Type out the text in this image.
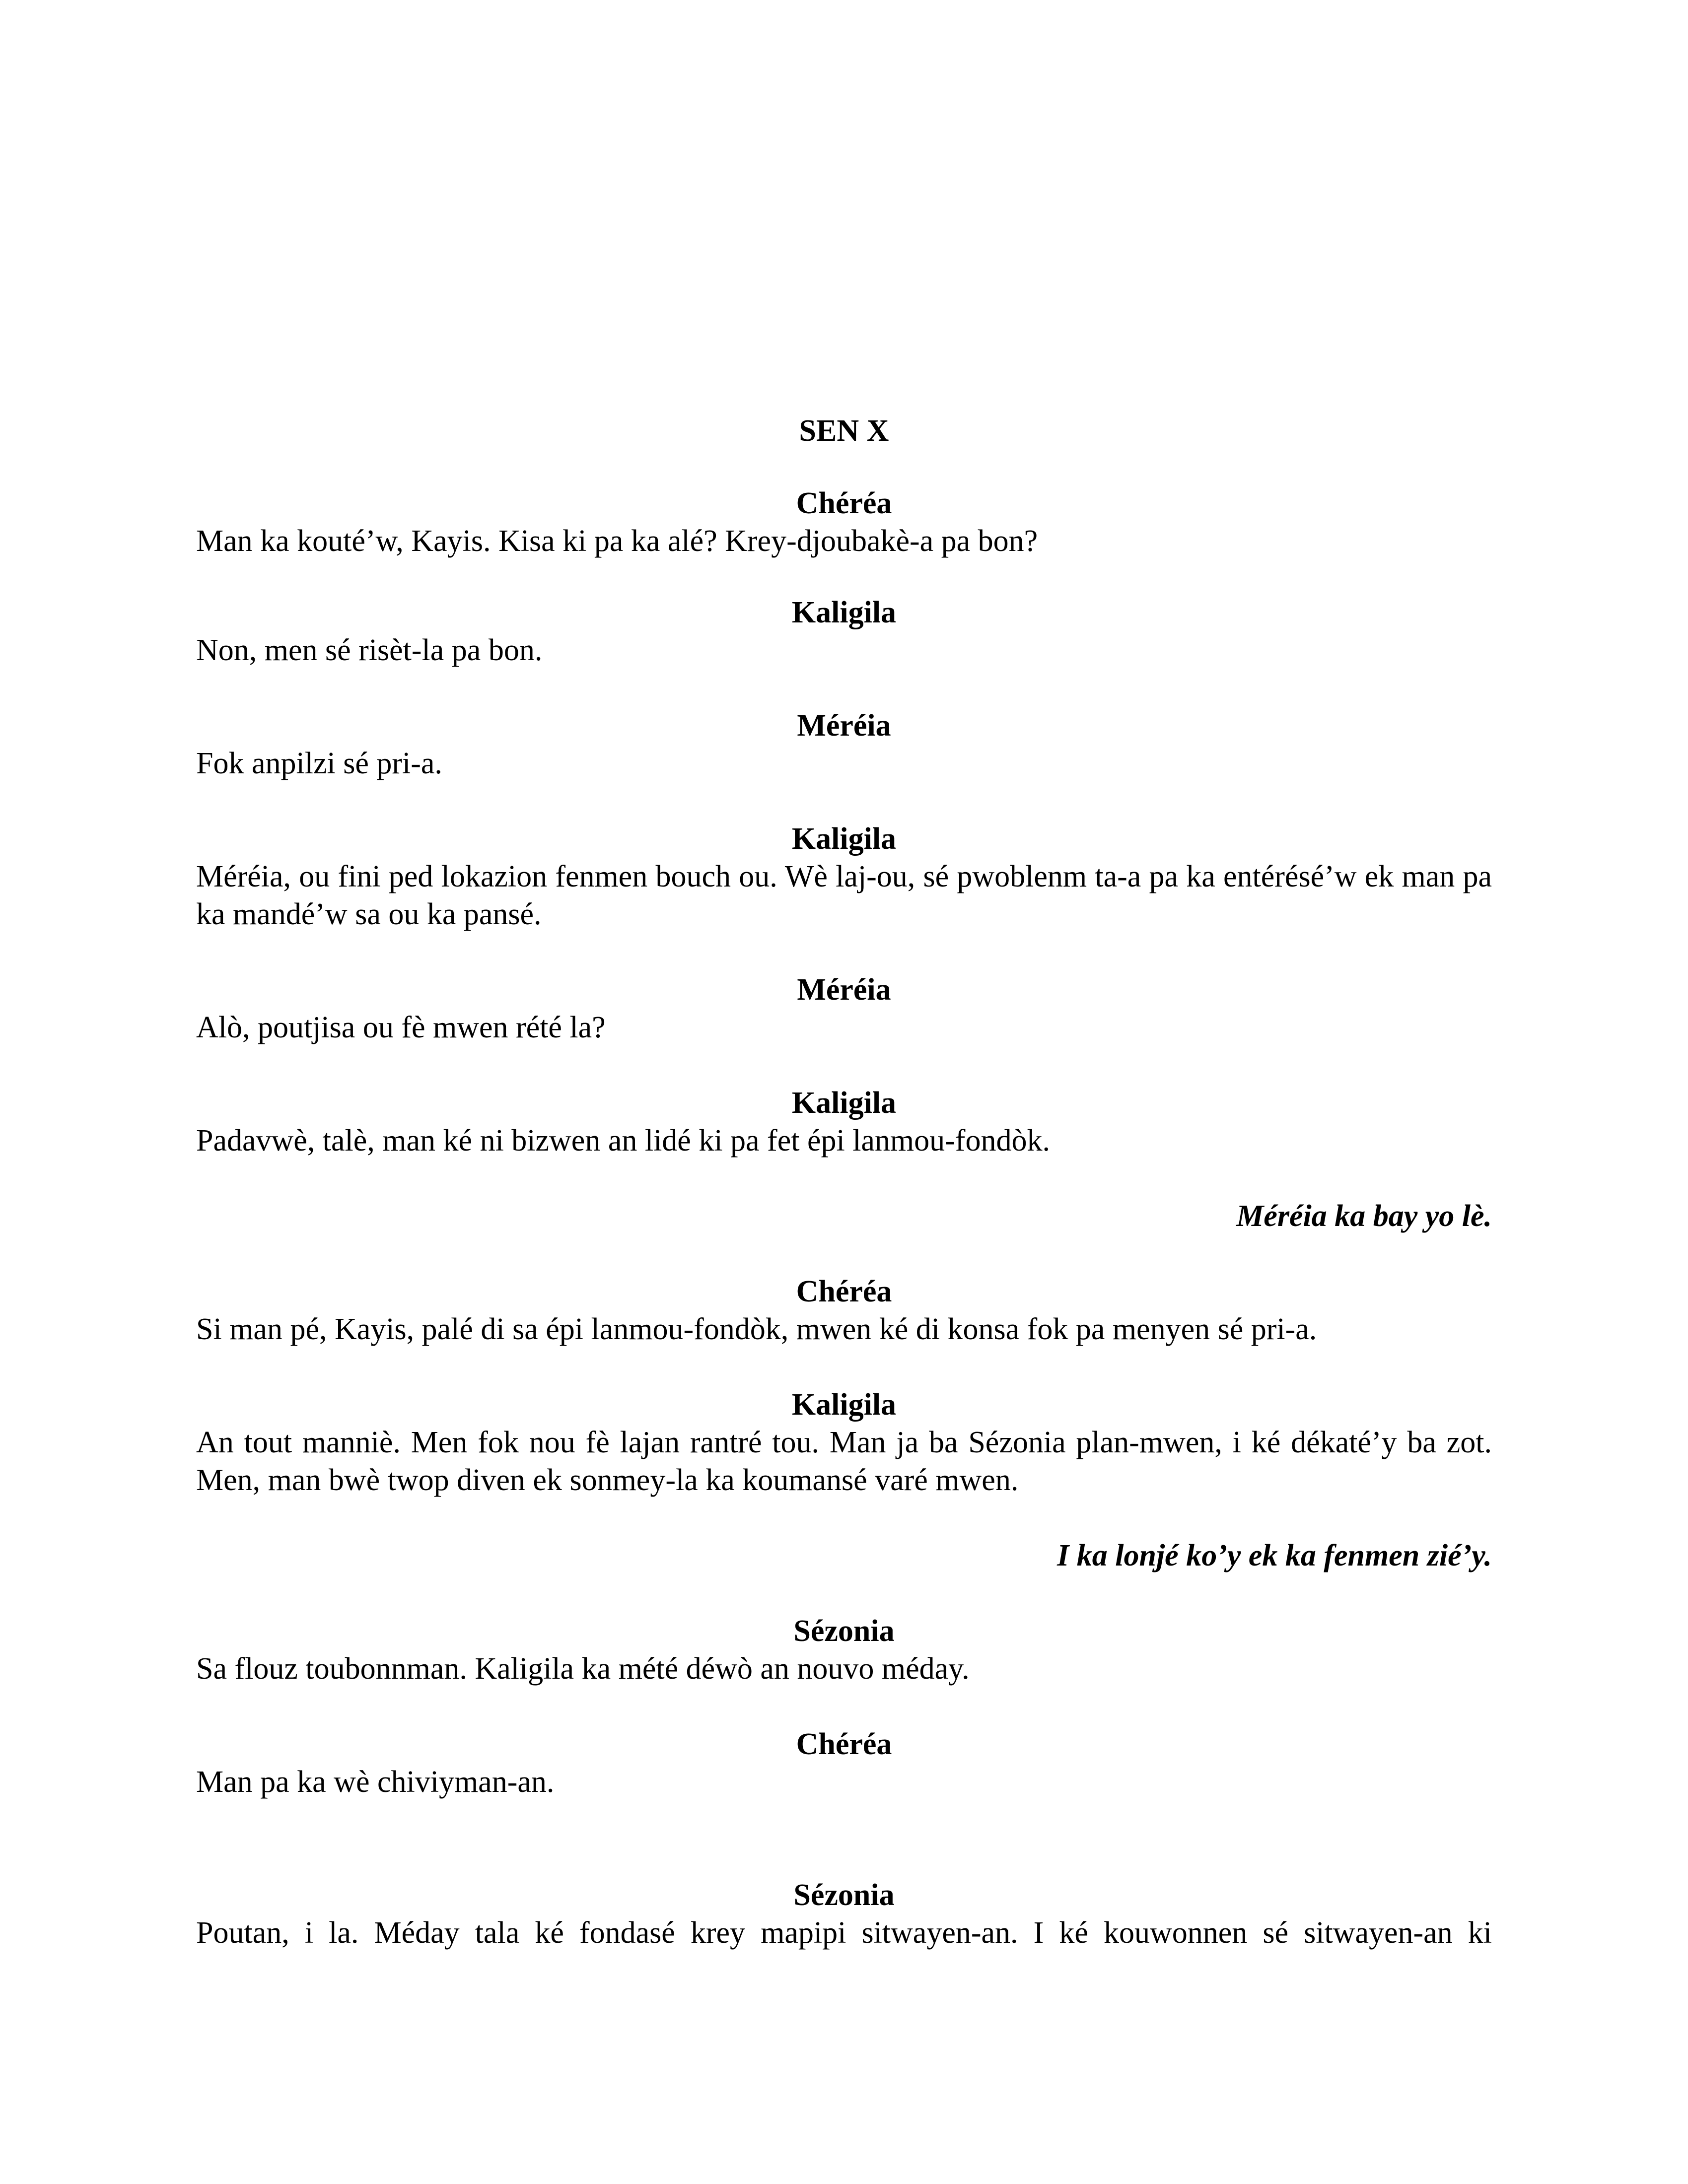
SEN X
Chéréa
Man ka kouté’w, Kayis. Kisa ki pa ka alé? Krey-djoubakè-a pa bon?
Kaligila
Non, men sé risèt-la pa bon.
Méréia
Fok anpilzi sé pri-a.
Kaligila
Méréia, ou fini ped lokazion fenmen bouch ou. Wè laj-ou, sé pwoblenm ta-a pa ka entérésé’w ek man pa ka mandé’w sa ou ka pansé.
Méréia
Alò, poutjisa ou fè mwen rété la?
Kaligila
Padavwè, talè, man ké ni bizwen an lidé ki pa fet épi lanmou-fondòk.
Méréia ka bay yo lè.
Chéréa
Si man pé, Kayis, palé di sa épi lanmou-fondòk, mwen ké di konsa fok pa menyen sé pri-a.
Kaligila
An tout manniè. Men fok nou fè lajan rantré tou. Man ja ba Sézonia plan-mwen, i ké dékaté’y ba zot. Men, man bwè twop diven ek sonmey-la ka koumansé varé mwen.
I ka lonjé ko’y ek ka fenmen zié’y.
Sézonia
Sa flouz toubonnman. Kaligila ka mété déwò an nouvo méday.
Chéréa
Man pa ka wè chiviyman-an.
Sézonia
Poutan, i la. Méday tala ké fondasé krey mapipi sitwayen-an. I ké kouwonnen sé sitwayen-an ki
